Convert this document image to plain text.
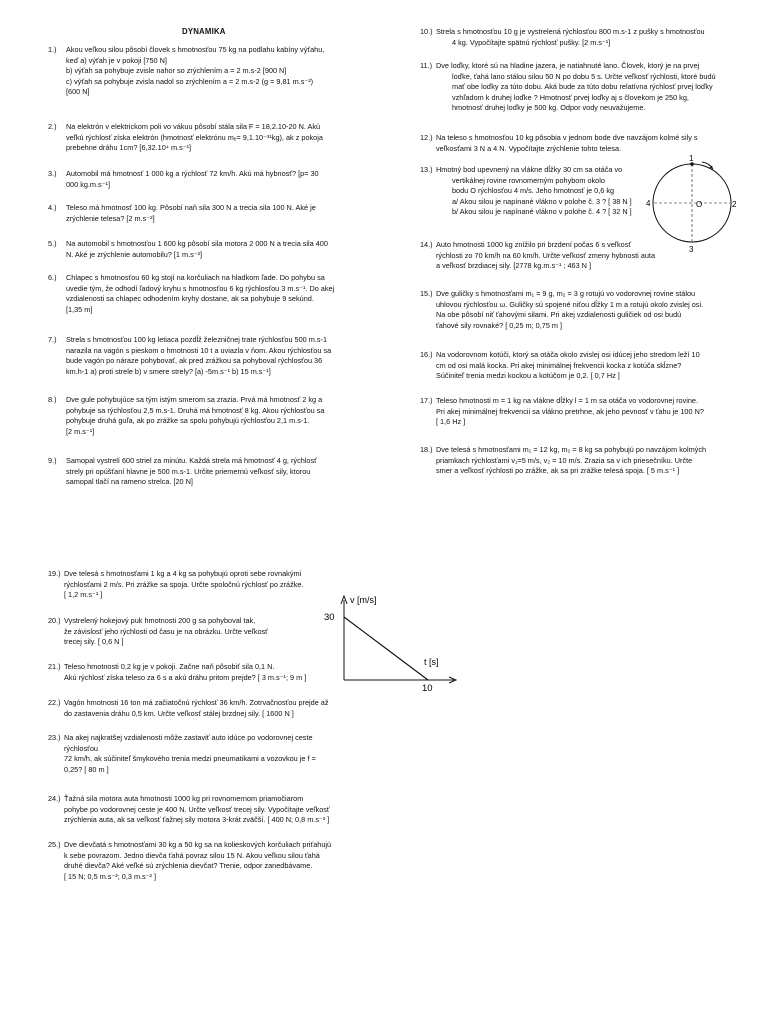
DYNAMIKA
1.) Akou veľkou silou pôsobí človek s hmotnosťou 75 kg na podlahu kabíny výťahu,
keď a) výťah je v pokoji [750 N]
b) výťah sa pohybuje zvisle nahor so zrýchlením a = 2 m.s-2 [900 N]
c) výťah sa pohybuje zvisla nadol so zrýchlením a = 2 m.s-2 (g = 9,81 m.s⁻²)
[600 N]
2.) Na elektrón v elektrickom poli vo vákuu pôsobí stála sila F = 18,2.10-20 N. Akú
veľkú rýchlosť získa elektrón (hmotnosť elektrónu mₑ= 9,1.10⁻³¹kg), ak z pokoja
prebehne dráhu 1cm? [6,32.10⁴ m.s⁻¹]
3.) Automobil má hmotnosť 1 000 kg a rýchlosť 72 km/h. Akú má hybnosť? [p= 30
000 kg.m.s⁻¹]
4.) Teleso má hmotnosť 100 kg. Pôsobí naň sila 300 N a trecia sila 100 N. Aké je
zrýchlenie telesa? [2 m.s⁻²]
5.) Na automobil s hmotnosťou 1 600 kg pôsobí sila motora 2 000 N a trecia sila 400
N. Aké je zrýchlenie automobilu? [1 m.s⁻²]
6.) Chlapec s hmotnosťou 60 kg stojí na korčuliach na hladkom ľade. Do pohybu sa
uvedie tým, že odhodí ľadový kryhu s hmotnosťou 6 kg rýchlosťou 3 m.s⁻¹. Do akej
vzdialenosti sa chlapec odhodením kryhy dostane, ak sa pohybuje 9 sekúnd.
[1,35 m]
7.) Strela s hmotnosťou 100 kg letiaca pozdĺž železničnej trate rýchlosťou 500 m.s-1
narazila na vagón s pieskom o hmotnosti 10 t a uviazla v ňom. Akou rýchlosťou sa
bude vagón po náraze pohybovať, ak pred zrážkou sa pohyboval rýchlosťou 36
km.h-1 a) proti strele b) v smere strely? [a) -5m.s⁻¹ b) 15 m.s⁻¹]
8.) Dve gule pohybujúce sa tým istým smerom sa zrazia. Prvá má hmotnosť 2 kg a
pohybuje sa rýchlosťou 2,5 m.s-1. Druhá má hmotnosť 8 kg. Akou rýchlosťou sa
pohybuje druhá guľa, ak po zrážke sa spolu pohybujú rýchlosťou 2,1 m.s-1.
[2 m.s⁻¹]
9.) Samopal vystrelí 600 striel za minútu. Každá strela má hmotnosť 4 g, rýchlosť
strely pri opúšťaní hlavne je 500 m.s-1. Určite priemernú veľkosť sily, ktorou
samopal tlačí na rameno strelca. [20 N]
10.) Strela s hmotnosťou 10 g je vystrelená rýchlosťou 800 m.s-1 z pušky s hmotnosťou
4 kg. Vypočítajte spätnú rýchlosť pušky. [2 m.s⁻¹]
11.) Dve loďky, ktoré sú na hladine jazera, je natiahnuté lano. Človek, ktorý je na prvej
loďke, ťahá lano stálou silou 50 N po dobu 5 s. Určte veľkosť rýchlosti, ktoré budú
mať obe loďky za túto dobu. Aká bude za túto dobu relatívna rýchlosť prvej loďky
vzhľadom k druhej loďke ? Hmotnosť prvej loďky aj s človekom je 250 kg,
hmotnosť druhej loďky je 500 kg. Odpor vody neuvažujeme.
12.) Na teleso s hmotnosťou 10 kg pôsobia v jednom bode dve navzájom kolmé sily s
veľkosťami 3 N a 4 N. Vypočítajte zrýchlenie tohto telesa.
13.) Hmotný bod upevnený na vlákne dĺžky 30 cm sa otáča vo
vertikálnej rovine rovnomerným pohybom okolo
bodu O rýchlosťou 4 m/s. Jeho hmotnosť je 0,6 kg
a/ Akou silou je napínané vlákno v polohe č. 3 ? [ 38 N ]
b/ Akou silou je napínané vlákno v polohe č. 4 ? [ 32 N ]
14.) Auto hmotnosti 1000 kg znížilo pri brzdení počas 6 s veľkosť
rýchlosti zo 70 km/h na 60 km/h. Určte veľkosť zmeny hybnosti auta
a veľkosť brzdiacej sily. [2778 kg.m.s⁻¹ ; 463 N ]
15.) Dve guličky s hmotnosťami m₁ = 9 g, m₂ = 3 g rotujú vo vodorovnej rovine stálou
uhlovou rýchlosťou ω. Guličky sú spojené niťou dĺžky 1 m a rotujú okolo zvislej osi.
Na obe pôsobí niť ťahovými silami. Pri akej vzdialenosti guličiek od osi budú
ťahové sily rovnaké? [ 0,25 m; 0,75 m ]
16.) Na vodorovnom kotúči, ktorý sa otáča okolo zvislej osi idúcej jeho stredom leží 10
cm od osi malá kocka. Pri akej minimálnej frekvencii kocka z kotúča skĺzne?
Súčiniteľ trenia medzi kockou a kotúčom je 0,2. [ 0,7 Hz ]
17.) Teleso hmotnosti m = 1 kg na vlákne dĺžky l = 1 m sa otáča vo vodorovnej rovine.
Pri akej minimálnej frekvencii sa vlákno pretrhne, ak jeho pevnosť v ťahu je 100 N?
[ 1,6 Hz ]
18.) Dve telesá s hmotnosťami m₁ = 12 kg, m₂ = 8 kg sa pohybujú po navzájom kolmých
priamkach rýchlosťami v₁=5 m/s, v₂ = 10 m/s. Zrazia sa v ich priesečníku. Určte
smer a veľkosť rýchlosti po zrážke, ak sa pri zrážke telesá spoja. [ 5 m.s⁻¹ ]
19.) Dve telesá s hmotnosťami 1 kg a 4 kg sa pohybujú oproti sebe rovnakými
rýchlosťami 2 m/s. Pri zrážke sa spoja. Určte spoločnú rýchlosť po zrážke.
[ 1,2 m.s⁻¹ ]
20.) Vystrelený hokejový puk hmotnosti 200 g sa pohyboval tak,
že závislosť jeho rýchlosti od času je na obrázku. Určte veľkosť
trecej sily. [ 0,6 N ]
21.) Teleso hmotnosti 0,2 kg je v pokoji. Začne naň pôsobiť sila 0,1 N.
Akú rýchlosť získa teleso za 6 s a akú dráhu pritom prejde? [ 3 m.s⁻¹; 9 m ]
22.) Vagón hmotnosti 16 ton má začiatočnú rýchlosť 36 km/h. Zotrvačnosťou prejde až
do zastavenia dráhu 0,5 km. Určte veľkosť stálej brzdnej sily. [ 1600 N ]
23.) Na akej najkratšej vzdialenosti môže zastaviť auto idúce po vodorovnej ceste
rýchlosťou
72 km/h, ak súčiniteľ šmykového trenia medzi pneumatikami a vozovkou je f =
0,25? [ 80 m ]
24.) Ťažná sila motora auta hmotnosti 1000 kg pri rovnomernom priamočiarom
pohybe po vodorovnej ceste je 400 N. Určte veľkosť trecej sily. Vypočítajte veľkosť
zrýchlenia auta, ak sa veľkosť ťažnej sily motora 3-krát zväčší. [ 400 N; 0,8 m.s⁻² ]
25.) Dve dievčatá s hmotnosťami 30 kg a 50 kg sa na kolieskových korčuliach priťahujú
k sebe povrazom. Jedno dievča ťahá povraz silou 15 N. Akou veľkou silou ťahá
druhé dievča? Aké veľké sú zrýchlenia dievčat? Trenie, odpor zanedbávame.
[ 15 N; 0,5 m.s⁻²; 0,3 m.s⁻² ]
1
4	O	2
3
v [m/s]
30
t [s]
10
